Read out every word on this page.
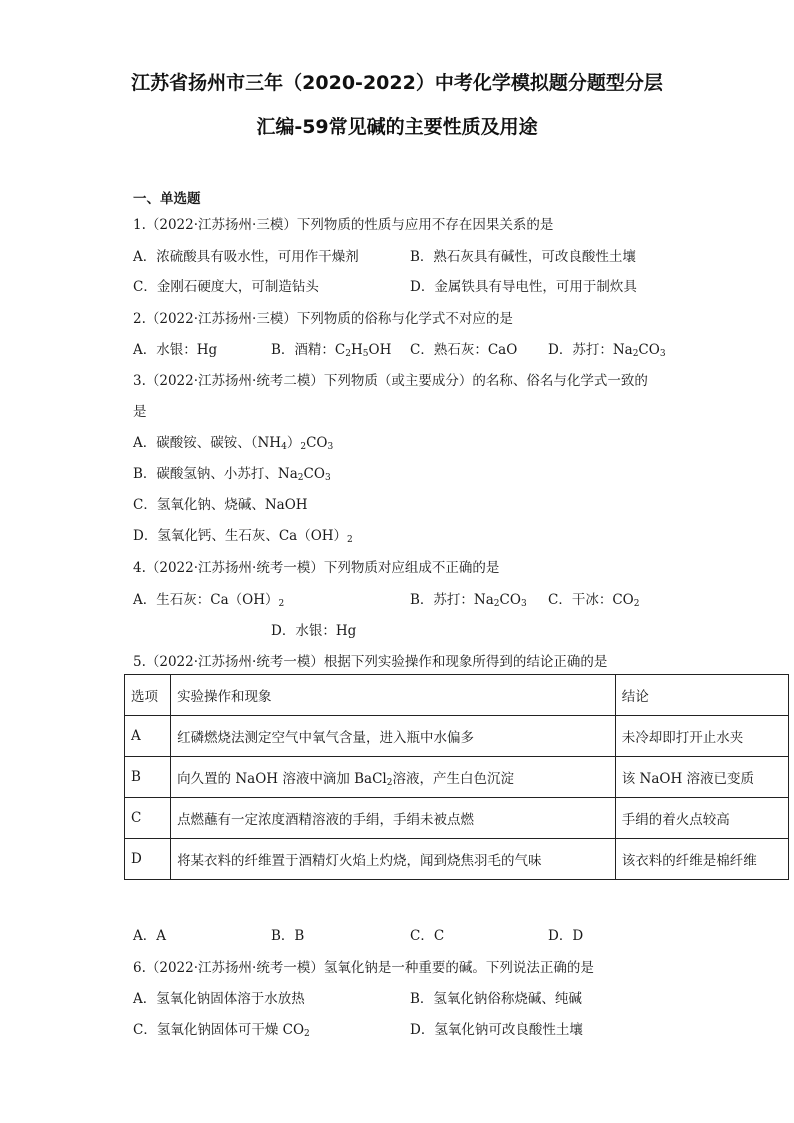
江苏省扬州市三年（2020-2022）中考化学模拟题分题型分层
汇编-59常见碱的主要性质及用途
一、单选题
1.（2022·江苏扬州·三模）下列物质的性质与应用不存在因果关系的是
A．浓硫酸具有吸水性，可用作干燥剂	B．熟石灰具有碱性，可改良酸性土壤
C．金刚石硬度大，可制造钻头	D．金属铁具有导电性，可用于制炊具
2.（2022·江苏扬州·三模）下列物质的俗称与化学式不对应的是
A．水银：Hg	B．酒精：$C_2H_5OH$ C．熟石灰：CaO D．苏打：$Na_2CO_3$
3.（2022·江苏扬州·统考二模）下列物质（或主要成分）的名称、俗名与化学式一致的
是
A．碳酸铵、碳铵、$(NH_4)_2CO_3$
B．碳酸氢钠、小苏打、$Na_2CO_3$
C．氢氧化钠、烧碱、NaOH
D．氢氧化钙、生石灰、$Ca(OH)_2$
4.（2022·江苏扬州·统考一模）下列物质对应组成不正确的是
A．生石灰：$Ca(OH)_2$	B．苏打：$Na_2CO_3$ C．干冰：$CO_2$
D．水银：Hg
5.（2022·江苏扬州·统考一模）根据下列实验操作和现象所得到的结论正确的是
选项	实验操作和现象	结论
A	红磷燃烧法测定空气中氧气含量，进入瓶中水偏多	未冷却即打开止水夹
B	向久置的 NaOH 溶液中滴加 BaCl$_2$溶液，产生白色沉淀	该 NaOH 溶液已变质
C	点燃蘸有一定浓度酒精溶液的手绢，手绢未被点燃	手绢的着火点较高
D	将某衣料的纤维置于酒精灯火焰上灼烧，闻到烧焦羽毛的气味	该衣料的纤维是棉纤维
A．A	B．B	C．C	D．D
6.（2022·江苏扬州·统考一模）氢氧化钠是一种重要的碱。下列说法正确的是
A．氢氧化钠固体溶于水放热	B．氢氧化钠俗称烧碱、纯碱
C．氢氧化钠固体可干燥 $CO_2$	D．氢氧化钠可改良酸性土壤
